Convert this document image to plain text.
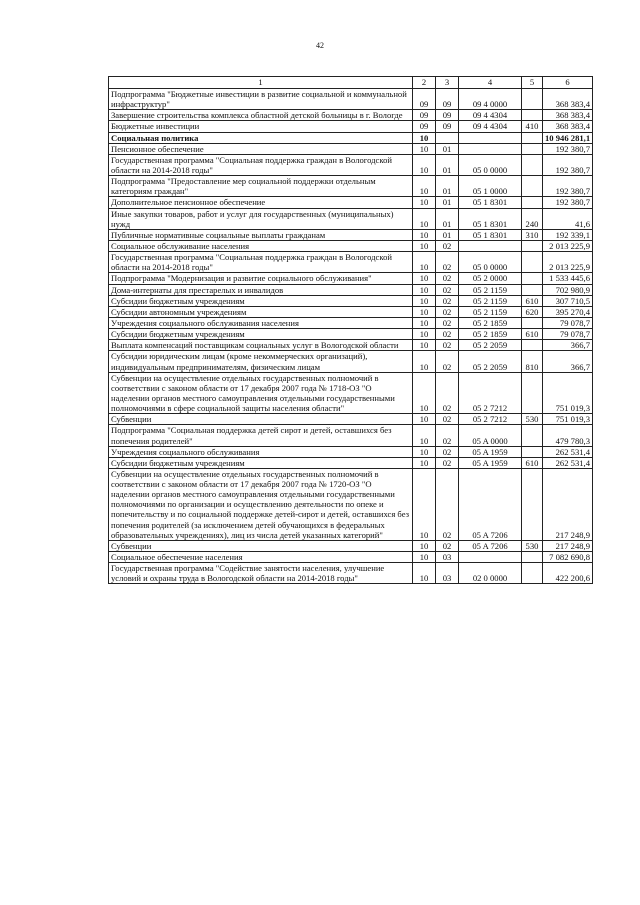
42
1	2	3	4	5	6
Подпрограмма "Бюджетные инвестиции в развитие социальной и коммунальной инфраструктур"	09	09	09 4 0000		368 383,4
Завершение строительства комплекса областной детской больницы в г. Вологде	09	09	09 4 4304		368 383,4
Бюджетные инвестиции	09	09	09 4 4304	410	368 383,4
Социальная политика	10				10 946 281,1
Пенсионное обеспечение	10	01			192 380,7
Государственная программа "Социальная поддержка граждан в Вологодской области на 2014-2018 годы"	10	01	05 0 0000		192 380,7
Подпрограмма "Предоставление мер социальной поддержки отдельным категориям граждан"	10	01	05 1 0000		192 380,7
Дополнительное пенсионное обеспечение	10	01	05 1 8301		192 380,7
Иные закупки товаров, работ и услуг для государственных (муниципальных) нужд	10	01	05 1 8301	240	41,6
Публичные нормативные социальные выплаты гражданам	10	01	05 1 8301	310	192 339,1
Социальное обслуживание населения	10	02			2 013 225,9
Государственная программа "Социальная поддержка граждан в Вологодской области на 2014-2018 годы"	10	02	05 0 0000		2 013 225,9
Подпрограмма "Модернизация и развитие социального обслуживания"	10	02	05 2 0000		1 533 445,6
Дома-интернаты для престарелых и инвалидов	10	02	05 2 1159		702 980,9
Субсидии бюджетным учреждениям	10	02	05 2 1159	610	307 710,5
Субсидии автономным учреждениям	10	02	05 2 1159	620	395 270,4
Учреждения социального обслуживания населения	10	02	05 2 1859		79 078,7
Субсидии бюджетным учреждениям	10	02	05 2 1859	610	79 078,7
Выплата компенсаций поставщикам социальных услуг в Вологодской области	10	02	05 2 2059		366,7
Субсидии юридическим лицам (кроме некоммерческих организаций), индивидуальным предпринимателям, физическим лицам	10	02	05 2 2059	810	366,7
Субвенции на осуществление отдельных государственных полномочий в соответствии с законом области от 17 декабря 2007 года № 1718-ОЗ "О наделении органов местного самоуправления отдельными государственными полномочиями в сфере социальной защиты населения области"	10	02	05 2 7212		751 019,3
Субвенции	10	02	05 2 7212	530	751 019,3
Подпрограмма "Социальная поддержка детей сирот и детей, оставшихся без попечения родителей"	10	02	05 A 0000		479 780,3
Учреждения социального обслуживания	10	02	05 A 1959		262 531,4
Субсидии бюджетным учреждениям	10	02	05 A 1959	610	262 531,4
Субвенции на осуществление отдельных государственных полномочий в соответствии с законом области от 17 декабря 2007 года № 1720-ОЗ "О наделении органов местного самоуправления отдельными государственными полномочиями по организации и осуществлению деятельности по опеке и попечительству и по социальной поддержке детей-сирот и детей, оставшихся без попечения родителей (за исключением детей обучающихся в федеральных образовательных учреждениях), лиц из числа детей указанных категорий"	10	02	05 A 7206		217 248,9
Субвенции	10	02	05 A 7206	530	217 248,9
Социальное обеспечение населения	10	03			7 082 690,8
Государственная программа "Содействие занятости населения, улучшение условий и охраны труда в Вологодской области на 2014-2018 годы"	10	03	02 0 0000		422 200,6
